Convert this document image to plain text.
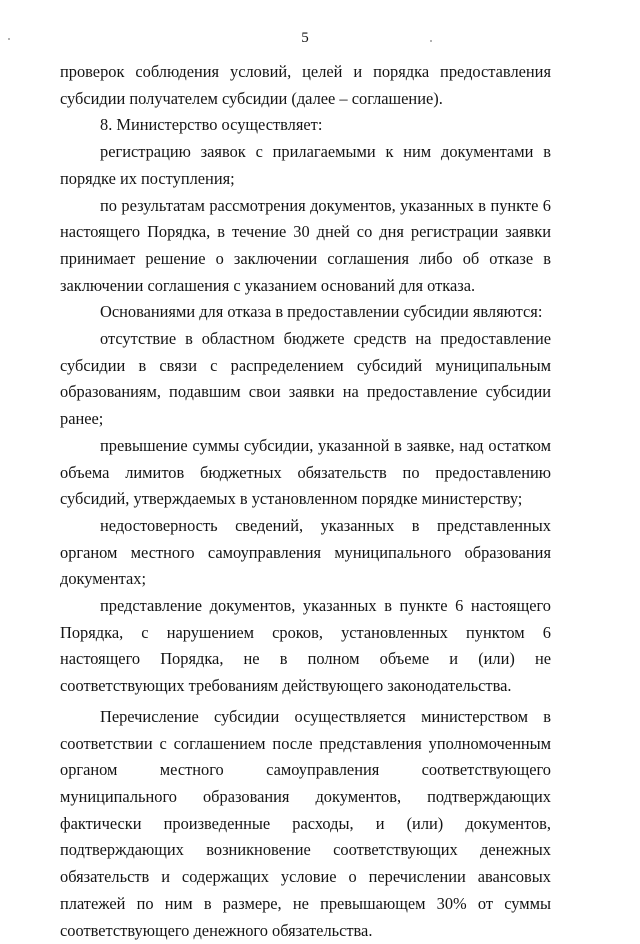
5

проверок соблюдения условий, целей и порядка предоставления субсидии получателем субсидии (далее – соглашение).

8. Министерство осуществляет:

регистрацию заявок с прилагаемыми к ним документами в порядке их поступления;

по результатам рассмотрения документов, указанных в пункте 6 настоящего Порядка, в течение 30 дней со дня регистрации заявки принимает решение о заключении соглашения либо об отказе в заключении соглашения с указанием оснований для отказа.

Основаниями для отказа в предоставлении субсидии являются:

отсутствие в областном бюджете средств на предоставление субсидии в связи с распределением субсидий муниципальным образованиям, подавшим свои заявки на предоставление субсидии ранее;

превышение суммы субсидии, указанной в заявке, над остатком объема лимитов бюджетных обязательств по предоставлению субсидий, утверждаемых в установленном порядке министерству;

недостоверность сведений, указанных в представленных органом местного самоуправления муниципального образования документах;

представление документов, указанных в пункте 6 настоящего Порядка, с нарушением сроков, установленных пунктом 6 настоящего Порядка, не в полном объеме и (или) не соответствующих требованиям действующего законодательства.

Перечисление субсидии осуществляется министерством в соответствии с соглашением после представления уполномоченным органом местного самоуправления соответствующего муниципального образования документов, подтверждающих фактически произведенные расходы, и (или) документов, подтверждающих возникновение соответствующих денежных обязательств и содержащих условие о перечислении авансовых платежей по ним в размере, не превышающем 30% от суммы соответствующего денежного обязательства.
